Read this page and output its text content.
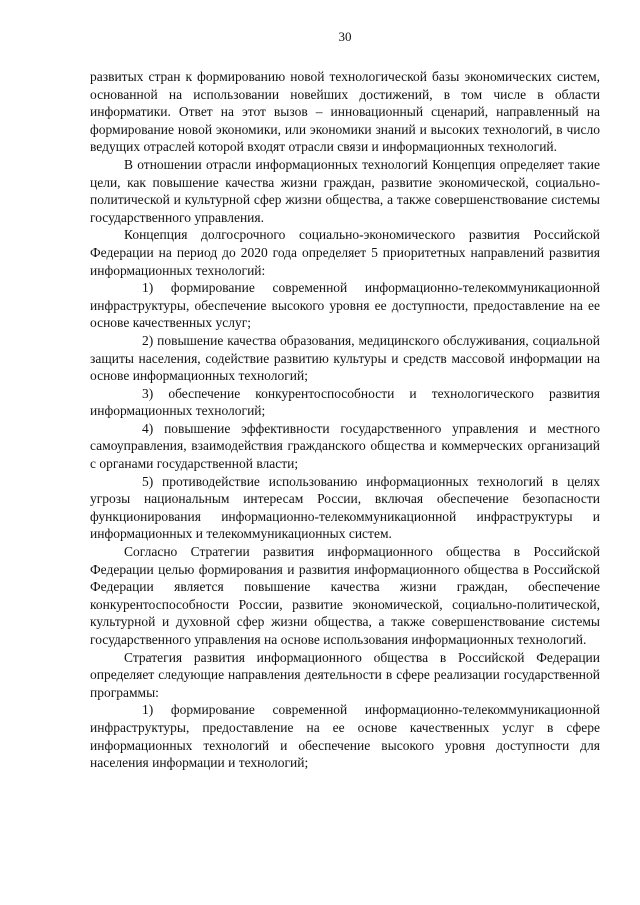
30

развитых стран к формированию новой технологической базы экономических систем, основанной на использовании новейших достижений, в том числе в области информатики. Ответ на этот вызов – инновационный сценарий, направленный на формирование новой экономики, или экономики знаний и высоких технологий, в число ведущих отраслей которой входят отрасли связи и информационных технологий.

В отношении отрасли информационных технологий Концепция определяет такие цели, как повышение качества жизни граждан, развитие экономической, социально-политической и культурной сфер жизни общества, а также совершенствование системы государственного управления.

Концепция долгосрочного социально-экономического развития Российской Федерации на период до 2020 года определяет 5 приоритетных направлений развития информационных технологий:

1) формирование современной информационно-телекоммуникационной инфраструктуры, обеспечение высокого уровня ее доступности, предоставление на ее основе качественных услуг;

2) повышение качества образования, медицинского обслуживания, социальной защиты населения, содействие развитию культуры и средств массовой информации на основе информационных технологий;

3) обеспечение конкурентоспособности и технологического развития информационных технологий;

4) повышение эффективности государственного управления и местного самоуправления, взаимодействия гражданского общества и коммерческих организаций с органами государственной власти;

5) противодействие использованию информационных технологий в целях угрозы национальным интересам России, включая обеспечение безопасности функционирования информационно-телекоммуникационной инфраструктуры и информационных и телекоммуникационных систем.

Согласно Стратегии развития информационного общества в Российской Федерации целью формирования и развития информационного общества в Российской Федерации является повышение качества жизни граждан, обеспечение конкурентоспособности России, развитие экономической, социально-политической, культурной и духовной сфер жизни общества, а также совершенствование системы государственного управления на основе использования информационных технологий.

Стратегия развития информационного общества в Российской Федерации определяет следующие направления деятельности в сфере реализации государственной программы:

1) формирование современной информационно-телекоммуникационной инфраструктуры, предоставление на ее основе качественных услуг в сфере информационных технологий и обеспечение высокого уровня доступности для населения информации и технологий;
